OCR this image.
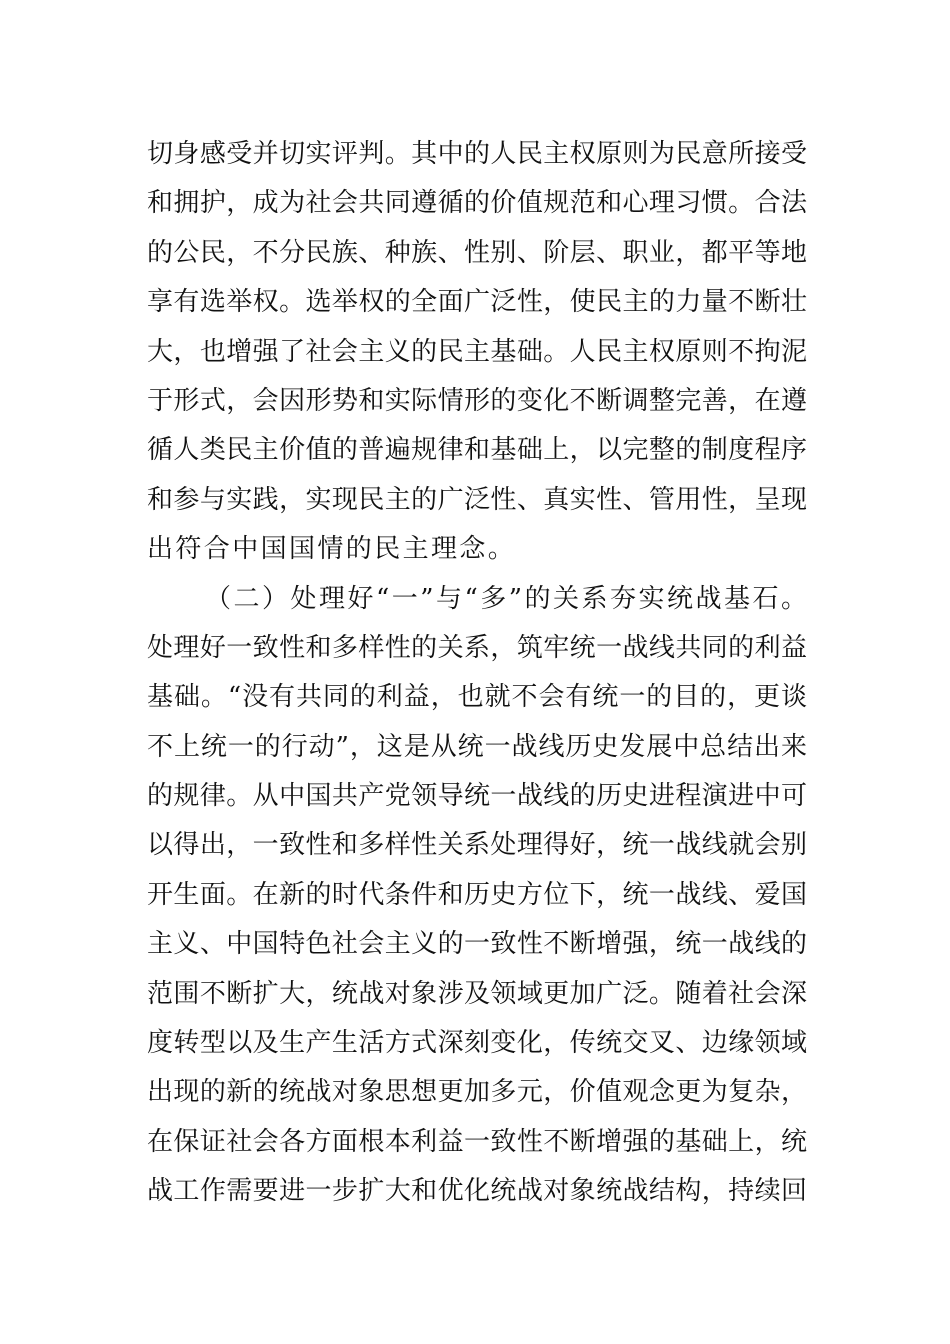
切身感受并切实评判。其中的人民主权原则为民意所接受
和拥护，成为社会共同遵循的价值规范和心理习惯。合法
的公民，不分民族、种族、性别、阶层、职业，都平等地
享有选举权。选举权的全面广泛性，使民主的力量不断壮
大，也增强了社会主义的民主基础。人民主权原则不拘泥
于形式，会因形势和实际情形的变化不断调整完善，在遵
循人类民主价值的普遍规律和基础上，以完整的制度程序
和参与实践，实现民主的广泛性、真实性、管用性，呈现
出符合中国国情的民主理念。
（二）处理好“一”与“多”的关系夯实统战基石。
处理好一致性和多样性的关系，筑牢统一战线共同的利益
基础。“没有共同的利益，也就不会有统一的目的，更谈
不上统一的行动”，这是从统一战线历史发展中总结出来
的规律。从中国共产党领导统一战线的历史进程演进中可
以得出，一致性和多样性关系处理得好，统一战线就会别
开生面。在新的时代条件和历史方位下，统一战线、爱国
主义、中国特色社会主义的一致性不断增强，统一战线的
范围不断扩大，统战对象涉及领域更加广泛。随着社会深
度转型以及生产生活方式深刻变化，传统交叉、边缘领域
出现的新的统战对象思想更加多元，价值观念更为复杂，
在保证社会各方面根本利益一致性不断增强的基础上，统
战工作需要进一步扩大和优化统战对象统战结构，持续回
